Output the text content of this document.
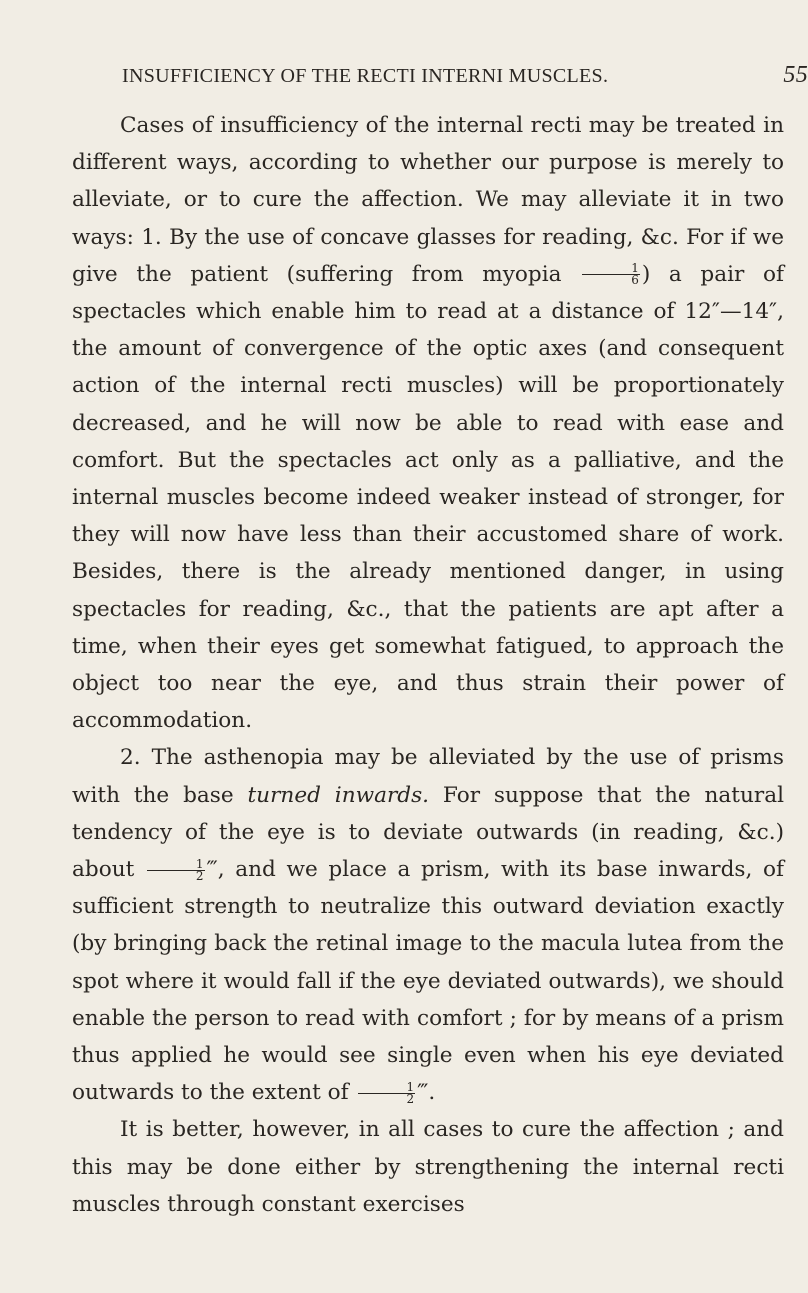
INSUFFICIENCY OF THE RECTI INTERNI MUSCLES.	55

Cases of insufficiency of the internal recti may be treated in different ways, according to whether our purpose is merely to alleviate, or to cure the affection. We may alleviate it in two ways: 1. By the use of concave glasses for reading, &c. For if we give the patient (suffering from myopia $\frac{1}{6}$ ) a pair of spectacles which enable him to read at a distance of 12″—14″, the amount of convergence of the optic axes (and consequent action of the internal recti muscles) will be proportionately decreased, and he will now be able to read with ease and comfort. But the spectacles act only as a palliative, and the internal muscles become indeed weaker instead of stronger, for they will now have less than their accustomed share of work. Besides, there is the already mentioned danger, in using spectacles for reading, &c., that the patients are apt after a time, when their eyes get somewhat fatigued, to approach the object too near the eye, and thus strain their power of accommodation.

2. The asthenopia may be alleviated by the use of prisms with the base turned inwards. For suppose that the natural tendency of the eye is to deviate outwards (in reading, &c.) about $\frac{1}{2}$ ‴, and we place a prism, with its base inwards, of sufficient strength to neutralize this outward deviation exactly (by bringing back the retinal image to the macula lutea from the spot where it would fall if the eye deviated outwards), we should enable the person to read with comfort ; for by means of a prism thus applied he would see single even when his eye deviated outwards to the extent of $\frac{1}{2}$ ‴.

It is better, however, in all cases to cure the affection ; and this may be done either by strengthening the internal recti muscles through constant exercises
